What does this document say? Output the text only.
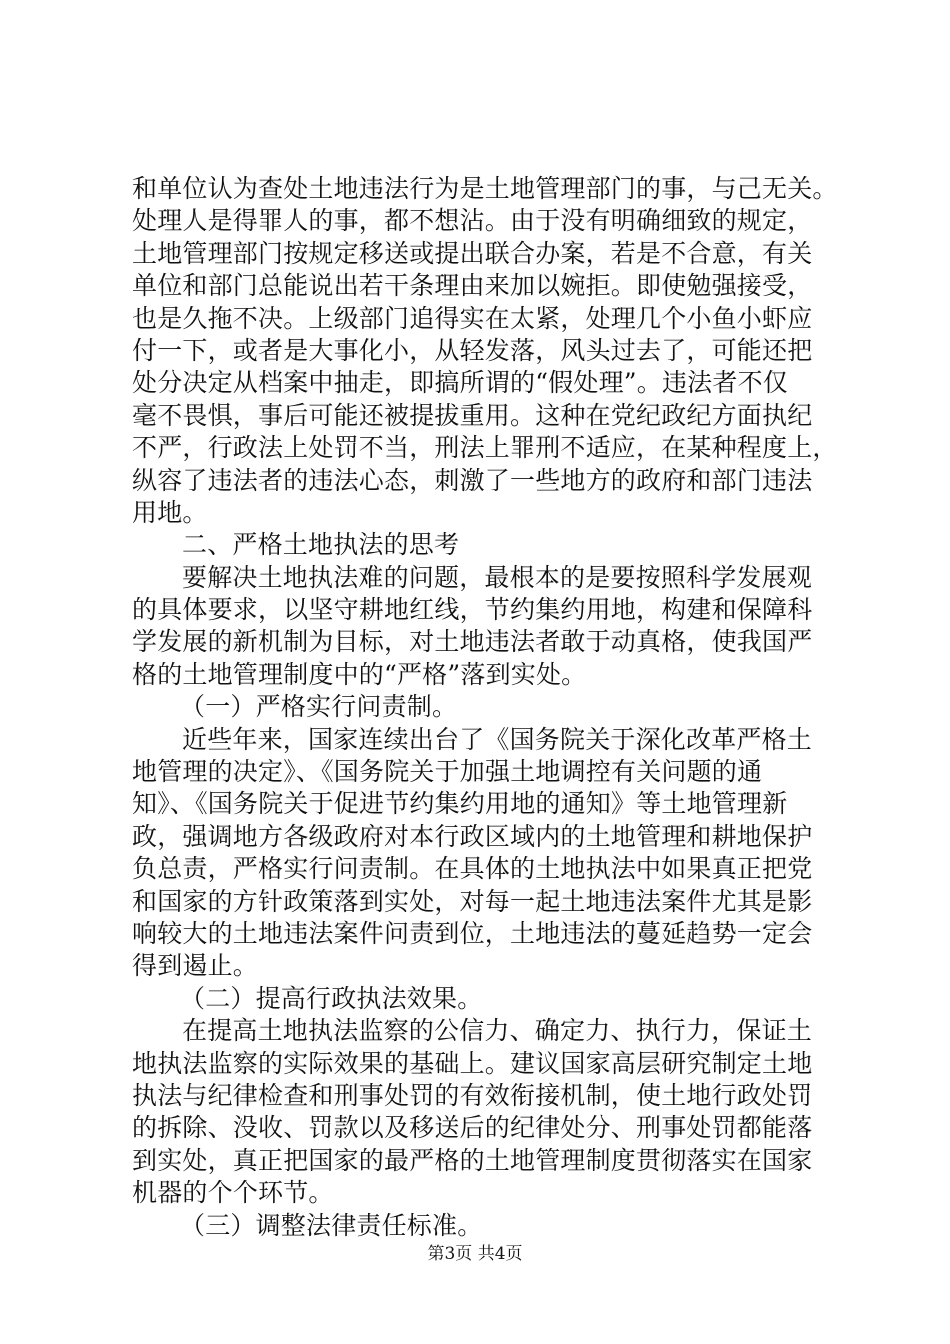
和单位认为查处土地违法行为是土地管理部门的事，与己无关。
处理人是得罪人的事，都不想沾。由于没有明确细致的规定，
土地管理部门按规定移送或提出联合办案，若是不合意，有关
单位和部门总能说出若干条理由来加以婉拒。即使勉强接受，
也是久拖不决。上级部门追得实在太紧，处理几个小鱼小虾应
付一下，或者是大事化小，从轻发落，风头过去了，可能还把
处分决定从档案中抽走，即搞所谓的“假处理”。违法者不仅
毫不畏惧，事后可能还被提拔重用。这种在党纪政纪方面执纪
不严，行政法上处罚不当，刑法上罪刑不适应，在某种程度上，
纵容了违法者的违法心态，刺激了一些地方的政府和部门违法
用地。
二、严格土地执法的思考
要解决土地执法难的问题，最根本的是要按照科学发展观
的具体要求，以坚守耕地红线，节约集约用地，构建和保障科
学发展的新机制为目标，对土地违法者敢于动真格，使我国严
格的土地管理制度中的“严格”落到实处。
（一）严格实行问责制。
近些年来，国家连续出台了《国务院关于深化改革严格土
地管理的决定》、《国务院关于加强土地调控有关问题的通
知》、《国务院关于促进节约集约用地的通知》等土地管理新
政，强调地方各级政府对本行政区域内的土地管理和耕地保护
负总责，严格实行问责制。在具体的土地执法中如果真正把党
和国家的方针政策落到实处，对每一起土地违法案件尤其是影
响较大的土地违法案件问责到位，土地违法的蔓延趋势一定会
得到遏止。
（二）提高行政执法效果。
在提高土地执法监察的公信力、确定力、执行力，保证土
地执法监察的实际效果的基础上。建议国家高层研究制定土地
执法与纪律检查和刑事处罚的有效衔接机制，使土地行政处罚
的拆除、没收、罚款以及移送后的纪律处分、刑事处罚都能落
到实处，真正把国家的最严格的土地管理制度贯彻落实在国家
机器的个个环节。
（三）调整法律责任标准。
第3页 共4页
